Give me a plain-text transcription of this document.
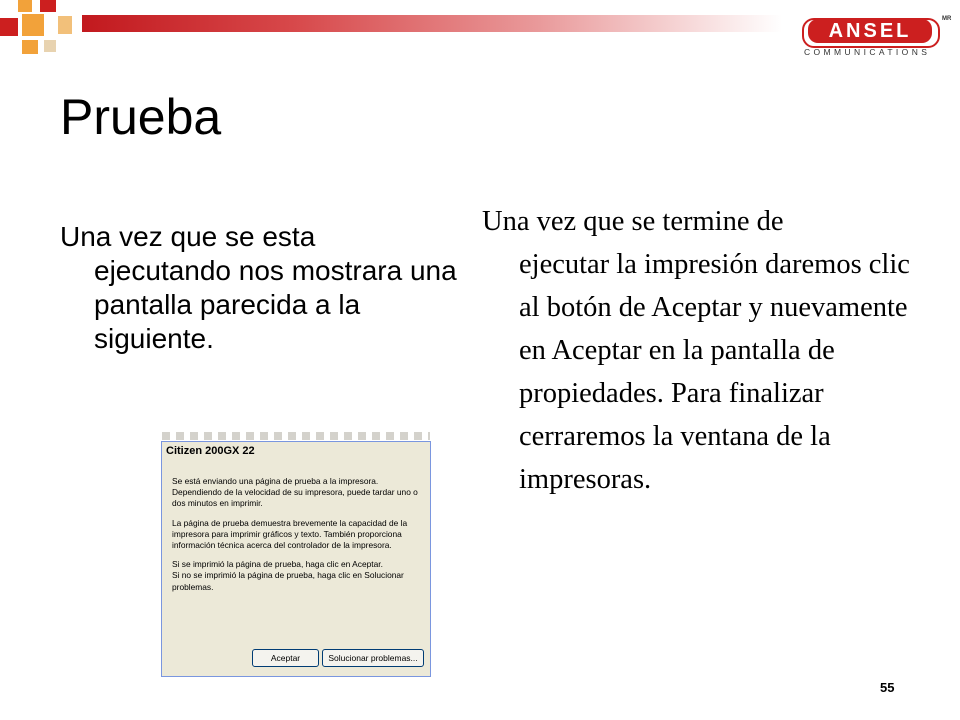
ANSEL
MR
COMMUNICATIONS
Prueba
Una vez que se esta
ejecutando nos mostrara una pantalla parecida a la siguiente.
Una vez que se termine de
ejecutar la impresión daremos clic al botón de Aceptar y nuevamente en Aceptar en la pantalla de propiedades. Para finalizar cerraremos la ventana de la impresoras.
Citizen 200GX 22

Se está enviando una página de prueba a la impresora. Dependiendo de la velocidad de su impresora, puede tardar uno o dos minutos en imprimir.

La página de prueba demuestra brevemente la capacidad de la impresora para imprimir gráficos y texto. También proporciona información técnica acerca del controlador de la impresora.

Si se imprimió la página de prueba, haga clic en Aceptar.

Si no se imprimió la página de prueba, haga clic en Solucionar problemas.

Aceptar	Solucionar problemas...
55
